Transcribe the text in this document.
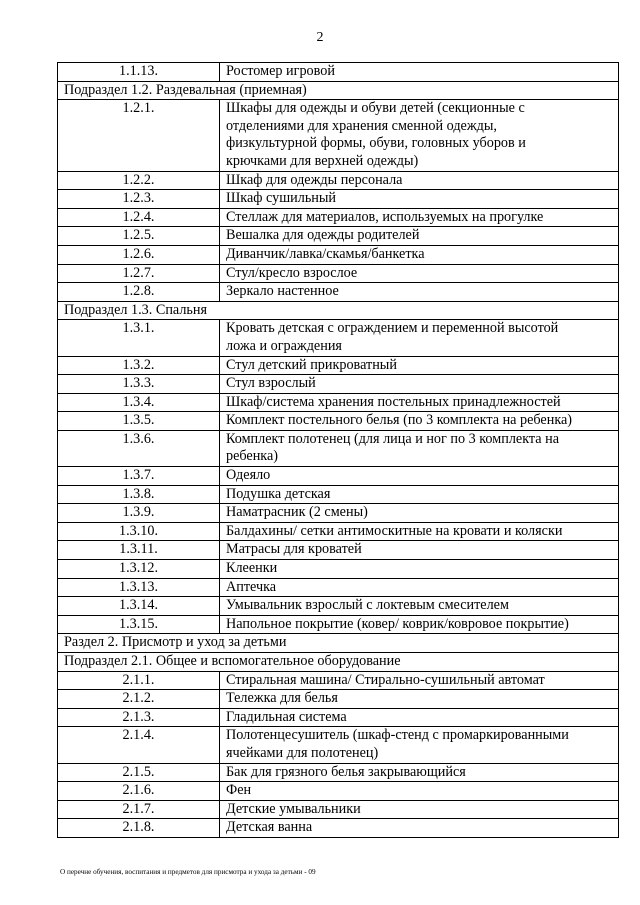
2
1.1.13.	Ростомер игровой
Подраздел 1.2. Раздевальная (приемная)	
1.2.1.	Шкафы для одежды и обуви детей (секционные с
отделениями для хранения сменной одежды,
физкультурной формы, обуви, головных уборов и
крючками для верхней одежды)

1.2.2.	Шкаф для одежды персонала
1.2.3.	Шкаф сушильный
1.2.4.	Стеллаж для материалов, используемых на прогулке
1.2.5.	Вешалка для одежды родителей
1.2.6.	Диванчик/лавка/скамья/банкетка
1.2.7.	Стул/кресло взрослое
1.2.8.	Зеркало настенное
Подраздел 1.3. Спальня	
1.3.1.	Кровать детская с ограждением и переменной высотой
ложа и ограждения

1.3.2.	Стул детский прикроватный
1.3.3.	Стул взрослый
1.3.4.	Шкаф/система хранения постельных принадлежностей
1.3.5.	Комплект постельного белья (по 3 комплекта на ребенка)
1.3.6.	Комплект полотенец (для лица и ног по 3 комплекта на
ребенка)

1.3.7.	Одеяло
1.3.8.	Подушка детская
1.3.9.	Наматрасник (2 смены)
1.3.10.	Балдахины/ сетки антимоскитные на кровати и коляски
1.3.11.	Матрасы для кроватей
1.3.12.	Клеенки
1.3.13.	Аптечка
1.3.14.	Умывальник взрослый с локтевым смесителем
1.3.15.	Напольное покрытие (ковер/ коврик/ковровое покрытие)
Раздел 2. Присмотр и уход за детьми	
Подраздел 2.1. Общее и вспомогательное оборудование	
2.1.1.	Стиральная машина/ Стирально-сушильный автомат
2.1.2.	Тележка для белья
2.1.3.	Гладильная система
2.1.4.	Полотенцесушитель (шкаф-стенд с промаркированными
ячейками для полотенец)

2.1.5.	Бак для грязного белья закрывающийся
2.1.6.	Фен
2.1.7.	Детские умывальники
2.1.8.	Детская ванна
О перечне обучения, воспитания и предметов для присмотра и ухода за детьми - 09
